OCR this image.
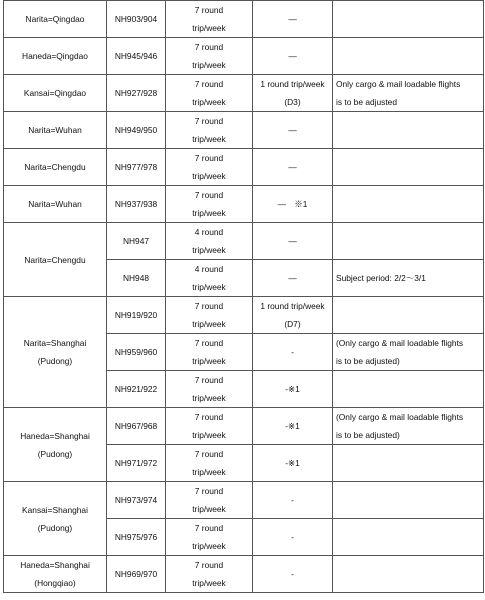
Narita=Qingdao	NH903/904	7 round
trip/week	—	

Haneda=Qingdao	NH945/946	7 round
trip/week	—	

Kansai=Qingdao	NH927/928	7 round
trip/week	1 round trip/week
(D3)	Only cargo & mail loadable flights
is to be adjusted

Narita=Wuhan	NH949/950	7 round
trip/week	—	

Narita=Chengdu	NH977/978	7 round
trip/week	—	

Narita=Wuhan	NH937/938	7 round
trip/week	—　※1	

Narita=Chengdu	NH947	4 round
trip/week	—	

	NH948	4 round
trip/week	—	Subject period: 2/2～3/1

Narita=Shanghai
(Pudong)	NH919/920	7 round
trip/week	1 round trip/week
(D7)	

	NH959/960	7 round
trip/week	-	(Only cargo & mail loadable flights
is to be adjusted)

	NH921/922	7 round
trip/week	-※1	

Haneda=Shanghai
(Pudong)	NH967/968	7 round
trip/week	-※1	(Only cargo & mail loadable flights
is to be adjusted)

	NH971/972	7 round
trip/week	-※1	

Kansai=Shanghai
(Pudong)	NH973/974	7 round
trip/week	-	

	NH975/976	7 round
trip/week	-	

Haneda=Shanghai
(Hongqiao)	NH969/970	7 round
trip/week	-	
